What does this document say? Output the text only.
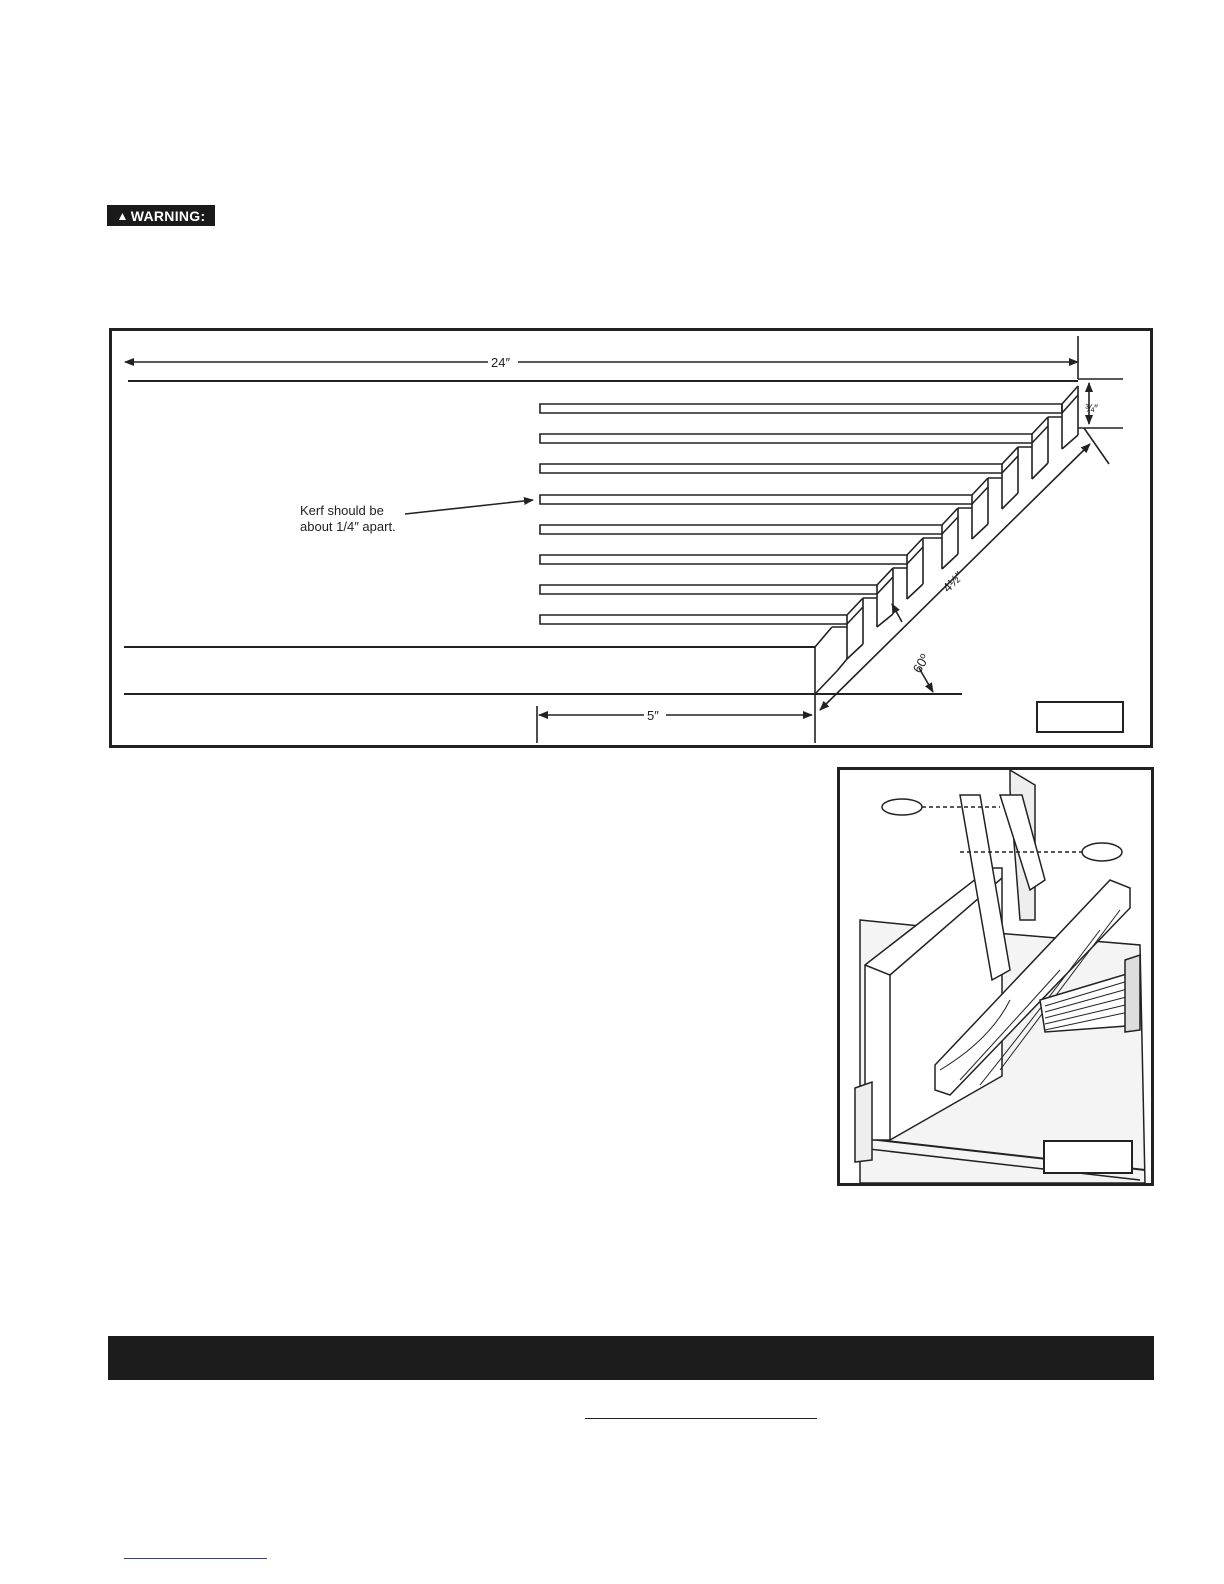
▲ WARNING:
24″
¾″
5″
4½″
60º
Kerf should be
about 1/4″ apart.
